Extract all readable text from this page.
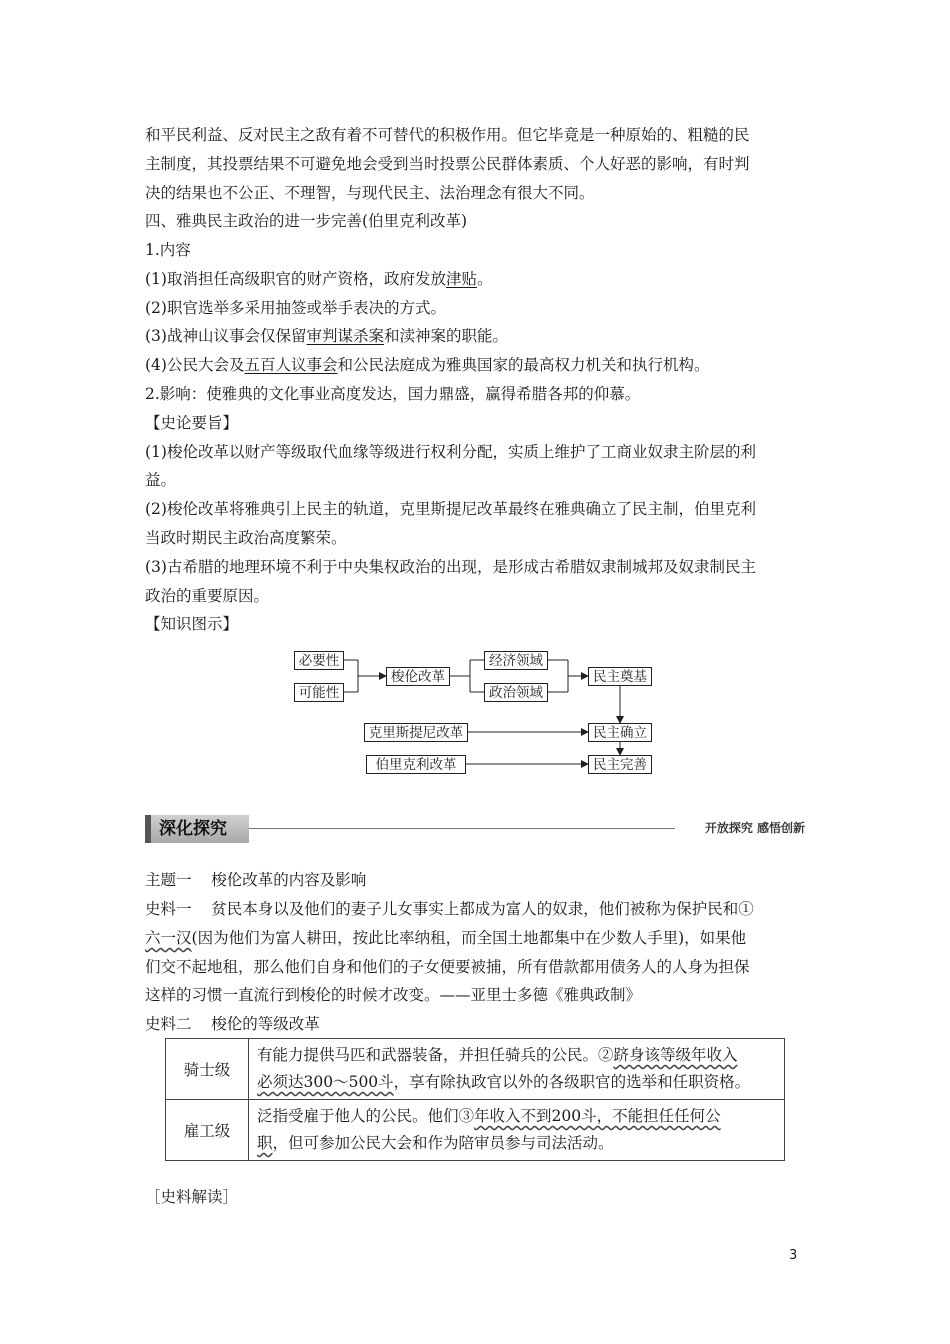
和平民利益、反对民主之敌有着不可替代的积极作用。但它毕竟是一种原始的、粗糙的民
主制度，其投票结果不可避免地会受到当时投票公民群体素质、个人好恶的影响，有时判
决的结果也不公正、不理智，与现代民主、法治理念有很大不同。
四、雅典民主政治的进一步完善(伯里克利改革)
1.内容
(1)取消担任高级职官的财产资格，政府发放津贴。
(2)职官选举多采用抽签或举手表决的方式。
(3)战神山议事会仅保留审判谋杀案和渎神案的职能。
(4)公民大会及五百人议事会和公民法庭成为雅典国家的最高权力机关和执行机构。
2.影响：使雅典的文化事业高度发达，国力鼎盛，赢得希腊各邦的仰慕。
【史论要旨】
(1)梭伦改革以财产等级取代血缘等级进行权利分配，实质上维护了工商业奴隶主阶层的利
益。
(2)梭伦改革将雅典引上民主的轨道，克里斯提尼改革最终在雅典确立了民主制，伯里克利
当政时期民主政治高度繁荣。
(3)古希腊的地理环境不利于中央集权政治的出现，是形成古希腊奴隶制城邦及奴隶制民主
政治的重要原因。
【知识图示】
必要性
可能性
梭伦改革
经济领域
政治领域
民主奠基
克里斯提尼改革	民主确立
伯里克利改革	民主完善
深化探究	开放探究 感悟创新
主题一    梭伦改革的内容及影响
史料一    贫民本身以及他们的妻子儿女事实上都成为富人的奴隶，他们被称为保护民和①
六一汉(因为他们为富人耕田，按此比率纳租，而全国土地都集中在少数人手里)，如果他
们交不起地租，那么他们自身和他们的子女便要被捕，所有借款都用债务人的人身为担保
这样的习惯一直流行到梭伦的时候才改变。——亚里士多德《雅典政制》
史料二    梭伦的等级改革
骑士级	有能力提供马匹和武器装备，并担任骑兵的公民。②跻身该等级年收入
必须达300～500斗，享有除执政官以外的各级职官的选举和任职资格。
雇工级	泛指受雇于他人的公民。他们③年收入不到200斗，不能担任任何公
职，但可参加公民大会和作为陪审员参与司法活动。
［史料解读］
3
